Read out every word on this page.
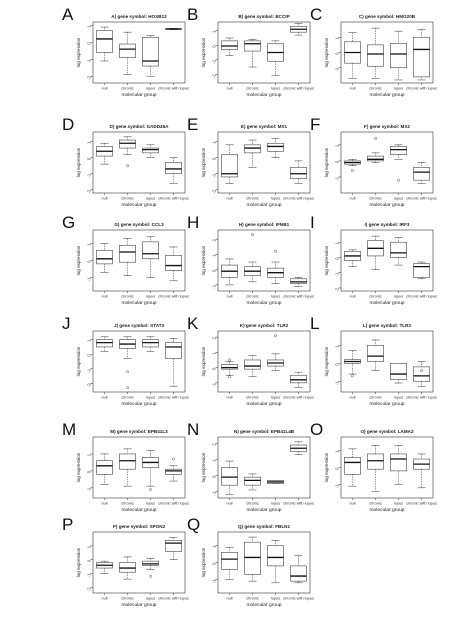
A	A) gene symbol: HOXB13
-2
-1
0
1
log expression
null	chronic	lupus chronic with lupus
molecular group
B	B) gene symbol: BCCIP
-2
-1
0
1
log expression
null	chronic	lupus chronic with lupus
molecular group
C	C) gene symbol: HMG20B
-1
0
1
log expression
null	chronic	lupus chronic with lupus
molecular group
D	D) gene symbol: GADD45A
-2
-1
0
1
log expression
null	chronic	lupus chronic with lupus
molecular group
E	E) gene symbol: MX1
-2
-1
0
1
log expression
null	chronic	lupus chronic with lupus
molecular group
F	F) gene symbol: MX2
-1
0
1
log expression
null	chronic	lupus chronic with lupus
molecular group
G	G) gene symbol: CCL3
-1
0
1
log expression
null	chronic	lupus chronic with lupus
molecular group
H	H) gene symbol: IFNB1
-1
0
1
2
log expression
null	chronic	lupus chronic with lupus
molecular group
I	I) gene symbol: IRF3
-2
-1
0
1
log expression
null	chronic	lupus chronic with lupus
molecular group
J	J) gene symbol: STAT3
-2
-1
0
1
log expression
null	chronic	lupus chronic with lupus
molecular group
K	K) gene symbol: TLR2
-1
0
1
2
log expression
null	chronic	lupus chronic with lupus
molecular group
L	L) gene symbol: TLR3
-1
0
1
log expression
null	chronic	lupus chronic with lupus
molecular group
M	M) gene symbol: EPB41L3
-1
0
1
log expression
null	chronic	lupus chronic with lupus
molecular group
N	N) gene symbol: EPB41L4B
-1
0
1
2
log expression
null	chronic	lupus chronic with lupus
molecular group
O	O) gene symbol: LAMA2
-1
0
1
log expression
null	chronic	lupus chronic with lupus
molecular group
P	P) gene symbol: SPON2
-2
-1
0
1
log expression
null	chronic	lupus chronic with lupus
molecular group
Q	Q) gene symbol: FBLN1
-1
0
1
log expression
null	chronic	lupus chronic with lupus
molecular group
